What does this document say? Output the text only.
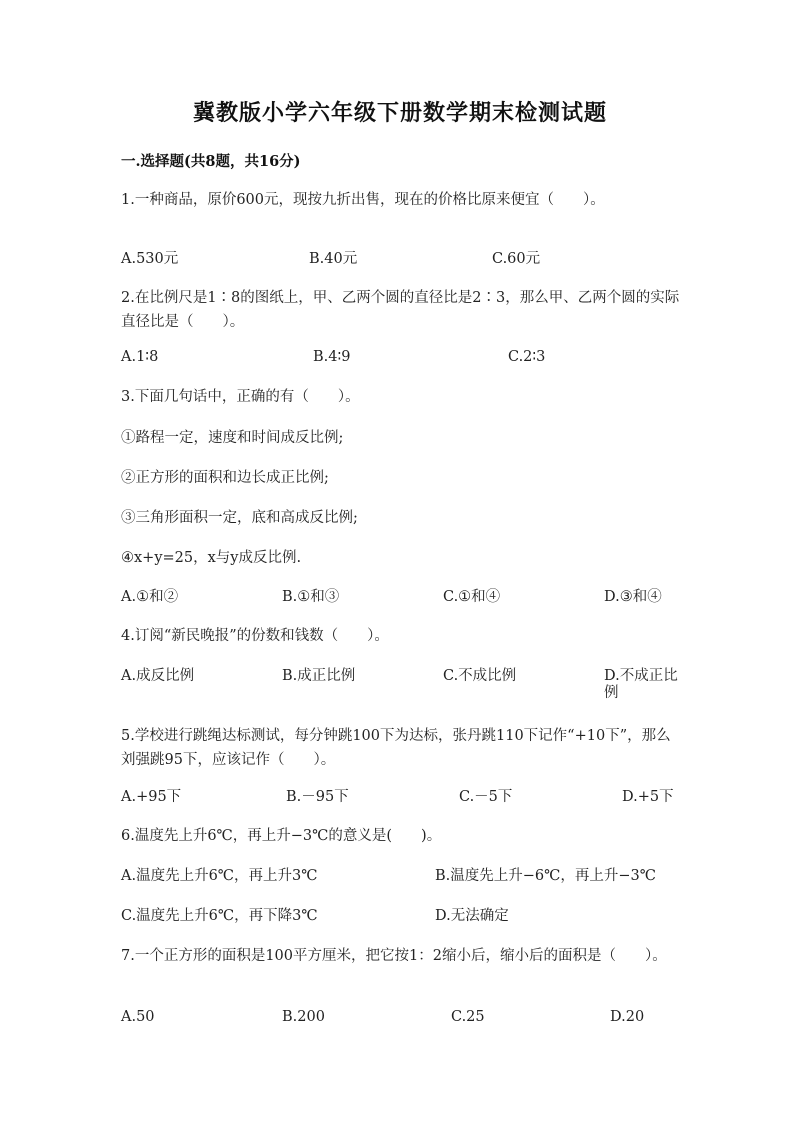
冀教版小学六年级下册数学期末检测试题
一.选择题(共8题，共16分)
1.一种商品，原价600元，现按九折出售，现在的价格比原来便宜（　　）。
A.530元	B.40元	C.60元
2.在比例尺是1∶8的图纸上，甲、乙两个圆的直径比是2∶3，那么甲、乙两个圆的实际直径比是（　　）。
A.1∶8	B.4∶9	C.2∶3
3.下面几句话中，正确的有（　　）。
①路程一定，速度和时间成反比例;
②正方形的面积和边长成正比例;
③三角形面积一定，底和高成反比例;
④x+y=25，x与y成反比例.
A.①和②	B.①和③	C.①和④	D.③和④
4.订阅“新民晚报”的份数和钱数（　　）。
A.成反比例	B.成正比例	C.不成比例	D.不成正比例
5.学校进行跳绳达标测试，每分钟跳100下为达标，张丹跳110下记作“+10下”，那么刘强跳95下，应该记作（　　）。
A.+95下	B.－95下	C.－5下	D.+5下
6.温度先上升6℃，再上升−3℃的意义是(　　)。
A.温度先上升6℃，再上升3℃	B.温度先上升−6℃，再上升−3℃
C.温度先上升6℃，再下降3℃	D.无法确定
7.一个正方形的面积是100平方厘米，把它按1：2缩小后，缩小后的面积是（　　）。
A.50	B.200	C.25	D.20
